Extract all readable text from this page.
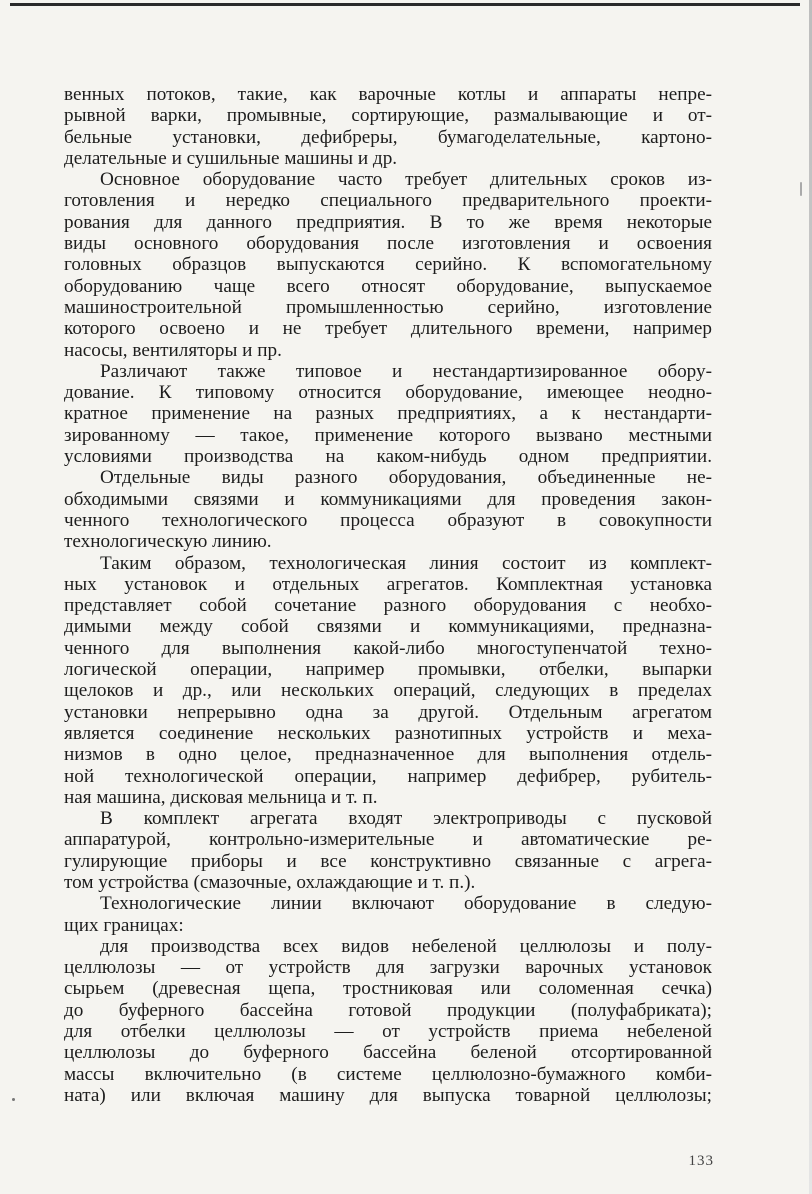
венных потоков, такие, как варочные котлы и аппараты непре-
рывной варки, промывные, сортирующие, размалывающие и от-
бельные установки, дефибреры, бумагоделательные, картоно-
делательные и сушильные машины и др.
Основное оборудование часто требует длительных сроков из-
готовления и нередко специального предварительного проекти-
рования для данного предприятия. В то же время некоторые
виды основного оборудования после изготовления и освоения
головных образцов выпускаются серийно. К вспомогательному
оборудованию чаще всего относят оборудование, выпускаемое
машиностроительной промышленностью серийно, изготовление
которого освоено и не требует длительного времени, например
насосы, вентиляторы и пр.
Различают также типовое и нестандартизированное обору-
дование. К типовому относится оборудование, имеющее неодно-
кратное применение на разных предприятиях, а к нестандарти-
зированному — такое, применение которого вызвано местными
условиями производства на каком-нибудь одном предприятии.
Отдельные виды разного оборудования, объединенные не-
обходимыми связями и коммуникациями для проведения закон-
ченного технологического процесса образуют в совокупности
технологическую линию.
Таким образом, технологическая линия состоит из комплект-
ных установок и отдельных агрегатов. Комплектная установка
представляет собой сочетание разного оборудования с необхо-
димыми между собой связями и коммуникациями, предназна-
ченного для выполнения какой-либо многоступенчатой техно-
логической операции, например промывки, отбелки, выпарки
щелоков и др., или нескольких операций, следующих в пределах
установки непрерывно одна за другой. Отдельным агрегатом
является соединение нескольких разнотипных устройств и меха-
низмов в одно целое, предназначенное для выполнения отдель-
ной технологической операции, например дефибрер, рубитель-
ная машина, дисковая мельница и т. п.
В комплект агрегата входят электроприводы с пусковой
аппаратурой, контрольно-измерительные и автоматические ре-
гулирующие приборы и все конструктивно связанные с агрега-
том устройства (смазочные, охлаждающие и т. п.).
Технологические линии включают оборудование в следую-
щих границах:
для производства всех видов небеленой целлюлозы и полу-
целлюлозы — от устройств для загрузки варочных установок
сырьем (древесная щепа, тростниковая или соломенная сечка)
до буферного бассейна готовой продукции (полуфабриката);
для отбелки целлюлозы — от устройств приема небеленой
целлюлозы до буферного бассейна беленой отсортированной
массы включительно (в системе целлюлозно-бумажного комби-
ната) или включая машину для выпуска товарной целлюлозы;
133
